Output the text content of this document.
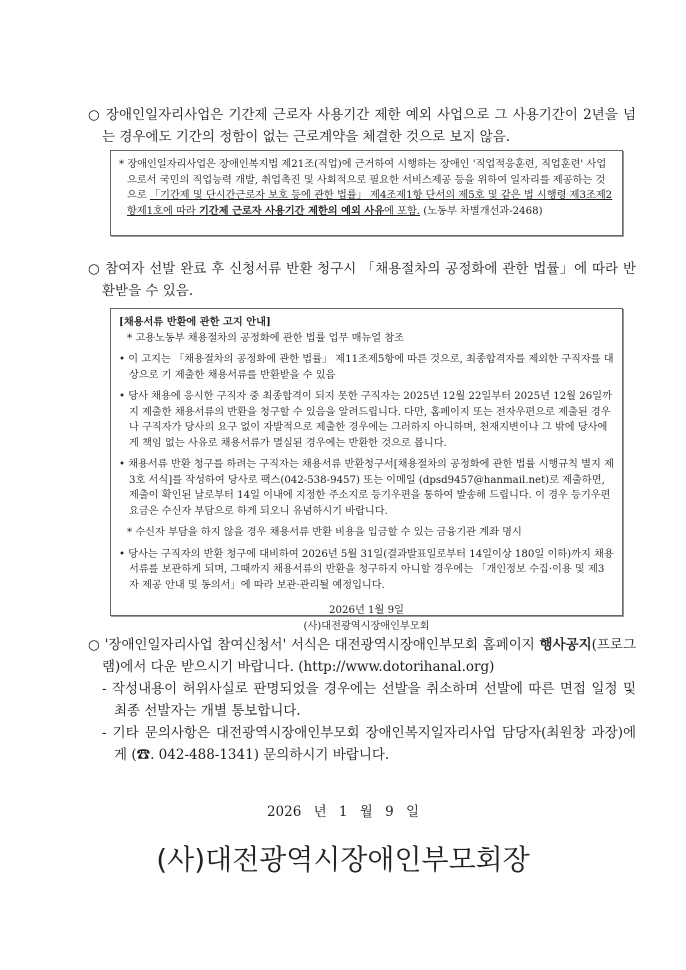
○ 장애인일자리사업은 기간제 근로자 사용기간 제한 예외 사업으로 그 사용기간이 2년을 넘는 경우에도 기간의 정함이 없는 근로계약을 체결한 것으로 보지 않음.

* 장애인일자리사업은 장애인복지법 제21조(직업)에 근거하여 시행하는 장애인 '직업적응훈련, 직업훈련' 사업으로서 국민의 직업능력 개발, 취업촉진 및 사회적으로 필요한 서비스제공 등을 위하여 일자리를 제공하는 것으로 「기간제 및 단시간근로자 보호 등에 관한 법률」 제4조제1항 단서의 제5호 및 같은 법 시행령 제3조제2항제1호에 따라 기간제 근로자 사용기간 제한의 예외 사유에 포함. (노동부 차별개선과-2468)

○ 참여자 선발 완료 후 신청서류 반환 청구시 「채용절차의 공정화에 관한 법률」에 따라 반환받을 수 있음.

[채용서류 반환에 관한 고지 안내]

* 고용노동부 채용절차의 공정화에 관한 법률 업무 매뉴얼 참조

• 이 고지는 「채용절차의 공정화에 관한 법률」 제11조제5항에 따른 것으로, 최종합격자를 제외한 구직자를 대상으로 기 제출한 채용서류를 반환받을 수 있음

• 당사 채용에 응시한 구직자 중 최종합격이 되지 못한 구직자는 2025년 12월 22일부터 2025년 12월 26일까지 제출한 채용서류의 반환을 청구할 수 있음을 알려드립니다. 다만, 홈페이지 또는 전자우편으로 제출된 경우나 구직자가 당사의 요구 없이 자발적으로 제출한 경우에는 그러하지 아니하며, 천재지변이나 그 밖에 당사에게 책임 없는 사유로 채용서류가 멸실된 경우에는 반환한 것으로 봅니다.

• 채용서류 반환 청구를 하려는 구직자는 채용서류 반환청구서[채용절차의 공정화에 관한 법률 시행규칙 별지 제3호 서식]를 작성하여 당사로 팩스(042-538-9457) 또는 이메일 (dpsd9457@hanmail.net)로 제출하면, 제출이 확인된 날로부터 14일 이내에 지정한 주소지로 등기우편을 통하여 발송해 드립니다. 이 경우 등기우편요금은 수신자 부담으로 하게 되오니 유념하시기 바랍니다.

* 수신자 부담을 하지 않을 경우 채용서류 반환 비용을 입금할 수 있는 금융기관 계좌 명시

• 당사는 구직자의 반환 청구에 대비하여 2026년 5월 31일(결과발표일로부터 14일이상 180일 이하)까지 채용서류를 보관하게 되며, 그때까지 채용서류의 반환을 청구하지 아니할 경우에는 「개인정보 수집·이용 및 제3자 제공 안내 및 동의서」에 따라 보관·관리될 예정입니다.

2026년 1월 9일

(사)대전광역시장애인부모회

○ '장애인일자리사업 참여신청서' 서식은 대전광역시장애인부모회 홈페이지 행사공지(프로그램)에서 다운 받으시기 바랍니다. (http://www.dotorihanal.org)
- 작성내용이 허위사실로 판명되었을 경우에는 선발을 취소하며 선발에 따른 면접 일정 및 최종 선발자는 개별 통보합니다.
- 기타 문의사항은 대전광역시장애인부모회 장애인복지일자리사업 담당자(최원창 과장)에게 (☎. 042-488-1341) 문의하시기 바랍니다.
2026 년 1 월 9 일
(사)대전광역시장애인부모회장
